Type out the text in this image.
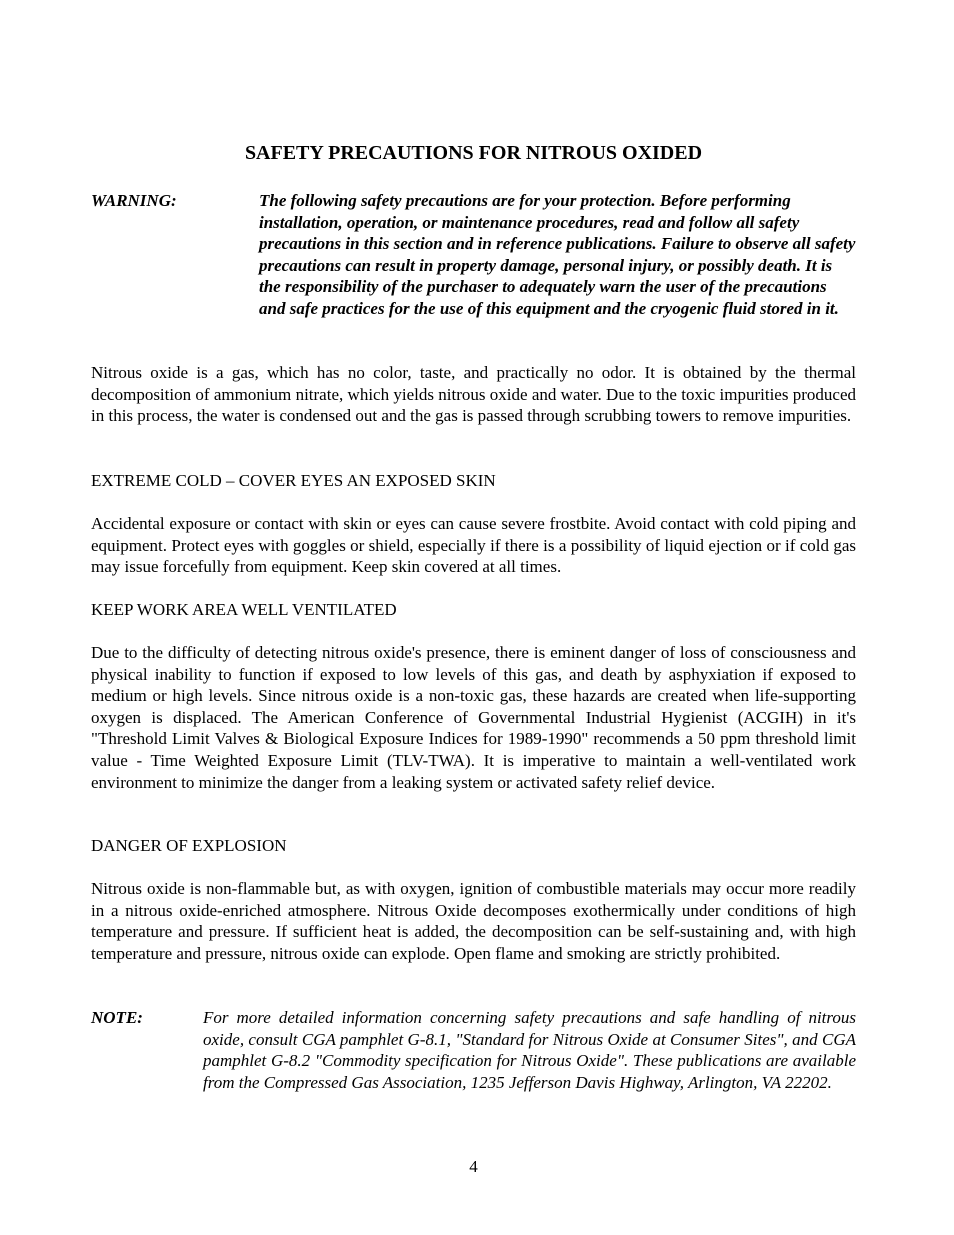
SAFETY PRECAUTIONS FOR NITROUS OXIDED
WARNING:	The following safety precautions are for your protection. Before performing installation, operation, or maintenance procedures, read and follow all safety precautions in this section and in reference publications. Failure to observe all safety precautions can result in property damage, personal injury, or possibly death. It is the responsibility of the purchaser to adequately warn the user of the precautions and safe practices for the use of this equipment and the cryogenic fluid stored in it.

Nitrous oxide is a gas, which has no color, taste, and practically no odor. It is obtained by the thermal decomposition of ammonium nitrate, which yields nitrous oxide and water. Due to the toxic impurities produced in this process, the water is condensed out and the gas is passed through scrubbing towers to remove impurities.

EXTREME COLD – COVER EYES AN EXPOSED SKIN

Accidental exposure or contact with skin or eyes can cause severe frostbite. Avoid contact with cold piping and equipment. Protect eyes with goggles or shield, especially if there is a possibility of liquid ejection or if cold gas may issue forcefully from equipment. Keep skin covered at all times.

KEEP WORK AREA WELL VENTILATED

Due to the difficulty of detecting nitrous oxide's presence, there is eminent danger of loss of consciousness and physical inability to function if exposed to low levels of this gas, and death by asphyxiation if exposed to medium or high levels. Since nitrous oxide is a non-toxic gas, these hazards are created when life-supporting oxygen is displaced. The American Conference of Governmental Industrial Hygienist (ACGIH) in it's "Threshold Limit Valves & Biological Exposure Indices for 1989-1990" recommends a 50 ppm threshold limit value - Time Weighted Exposure Limit (TLV-TWA). It is imperative to maintain a well-ventilated work environment to minimize the danger from a leaking system or activated safety relief device.

DANGER OF EXPLOSION

Nitrous oxide is non-flammable but, as with oxygen, ignition of combustible materials may occur more readily in a nitrous oxide-enriched atmosphere. Nitrous Oxide decomposes exothermically under conditions of high temperature and pressure. If sufficient heat is added, the decomposition can be self-sustaining and, with high temperature and pressure, nitrous oxide can explode. Open flame and smoking are strictly prohibited.

NOTE:	For more detailed information concerning safety precautions and safe handling of nitrous oxide, consult CGA pamphlet G-8.1, "Standard for Nitrous Oxide at Consumer Sites", and CGA pamphlet G-8.2 "Commodity specification for Nitrous Oxide". These publications are available from the Compressed Gas Association, 1235 Jefferson Davis Highway, Arlington, VA 22202.
4
